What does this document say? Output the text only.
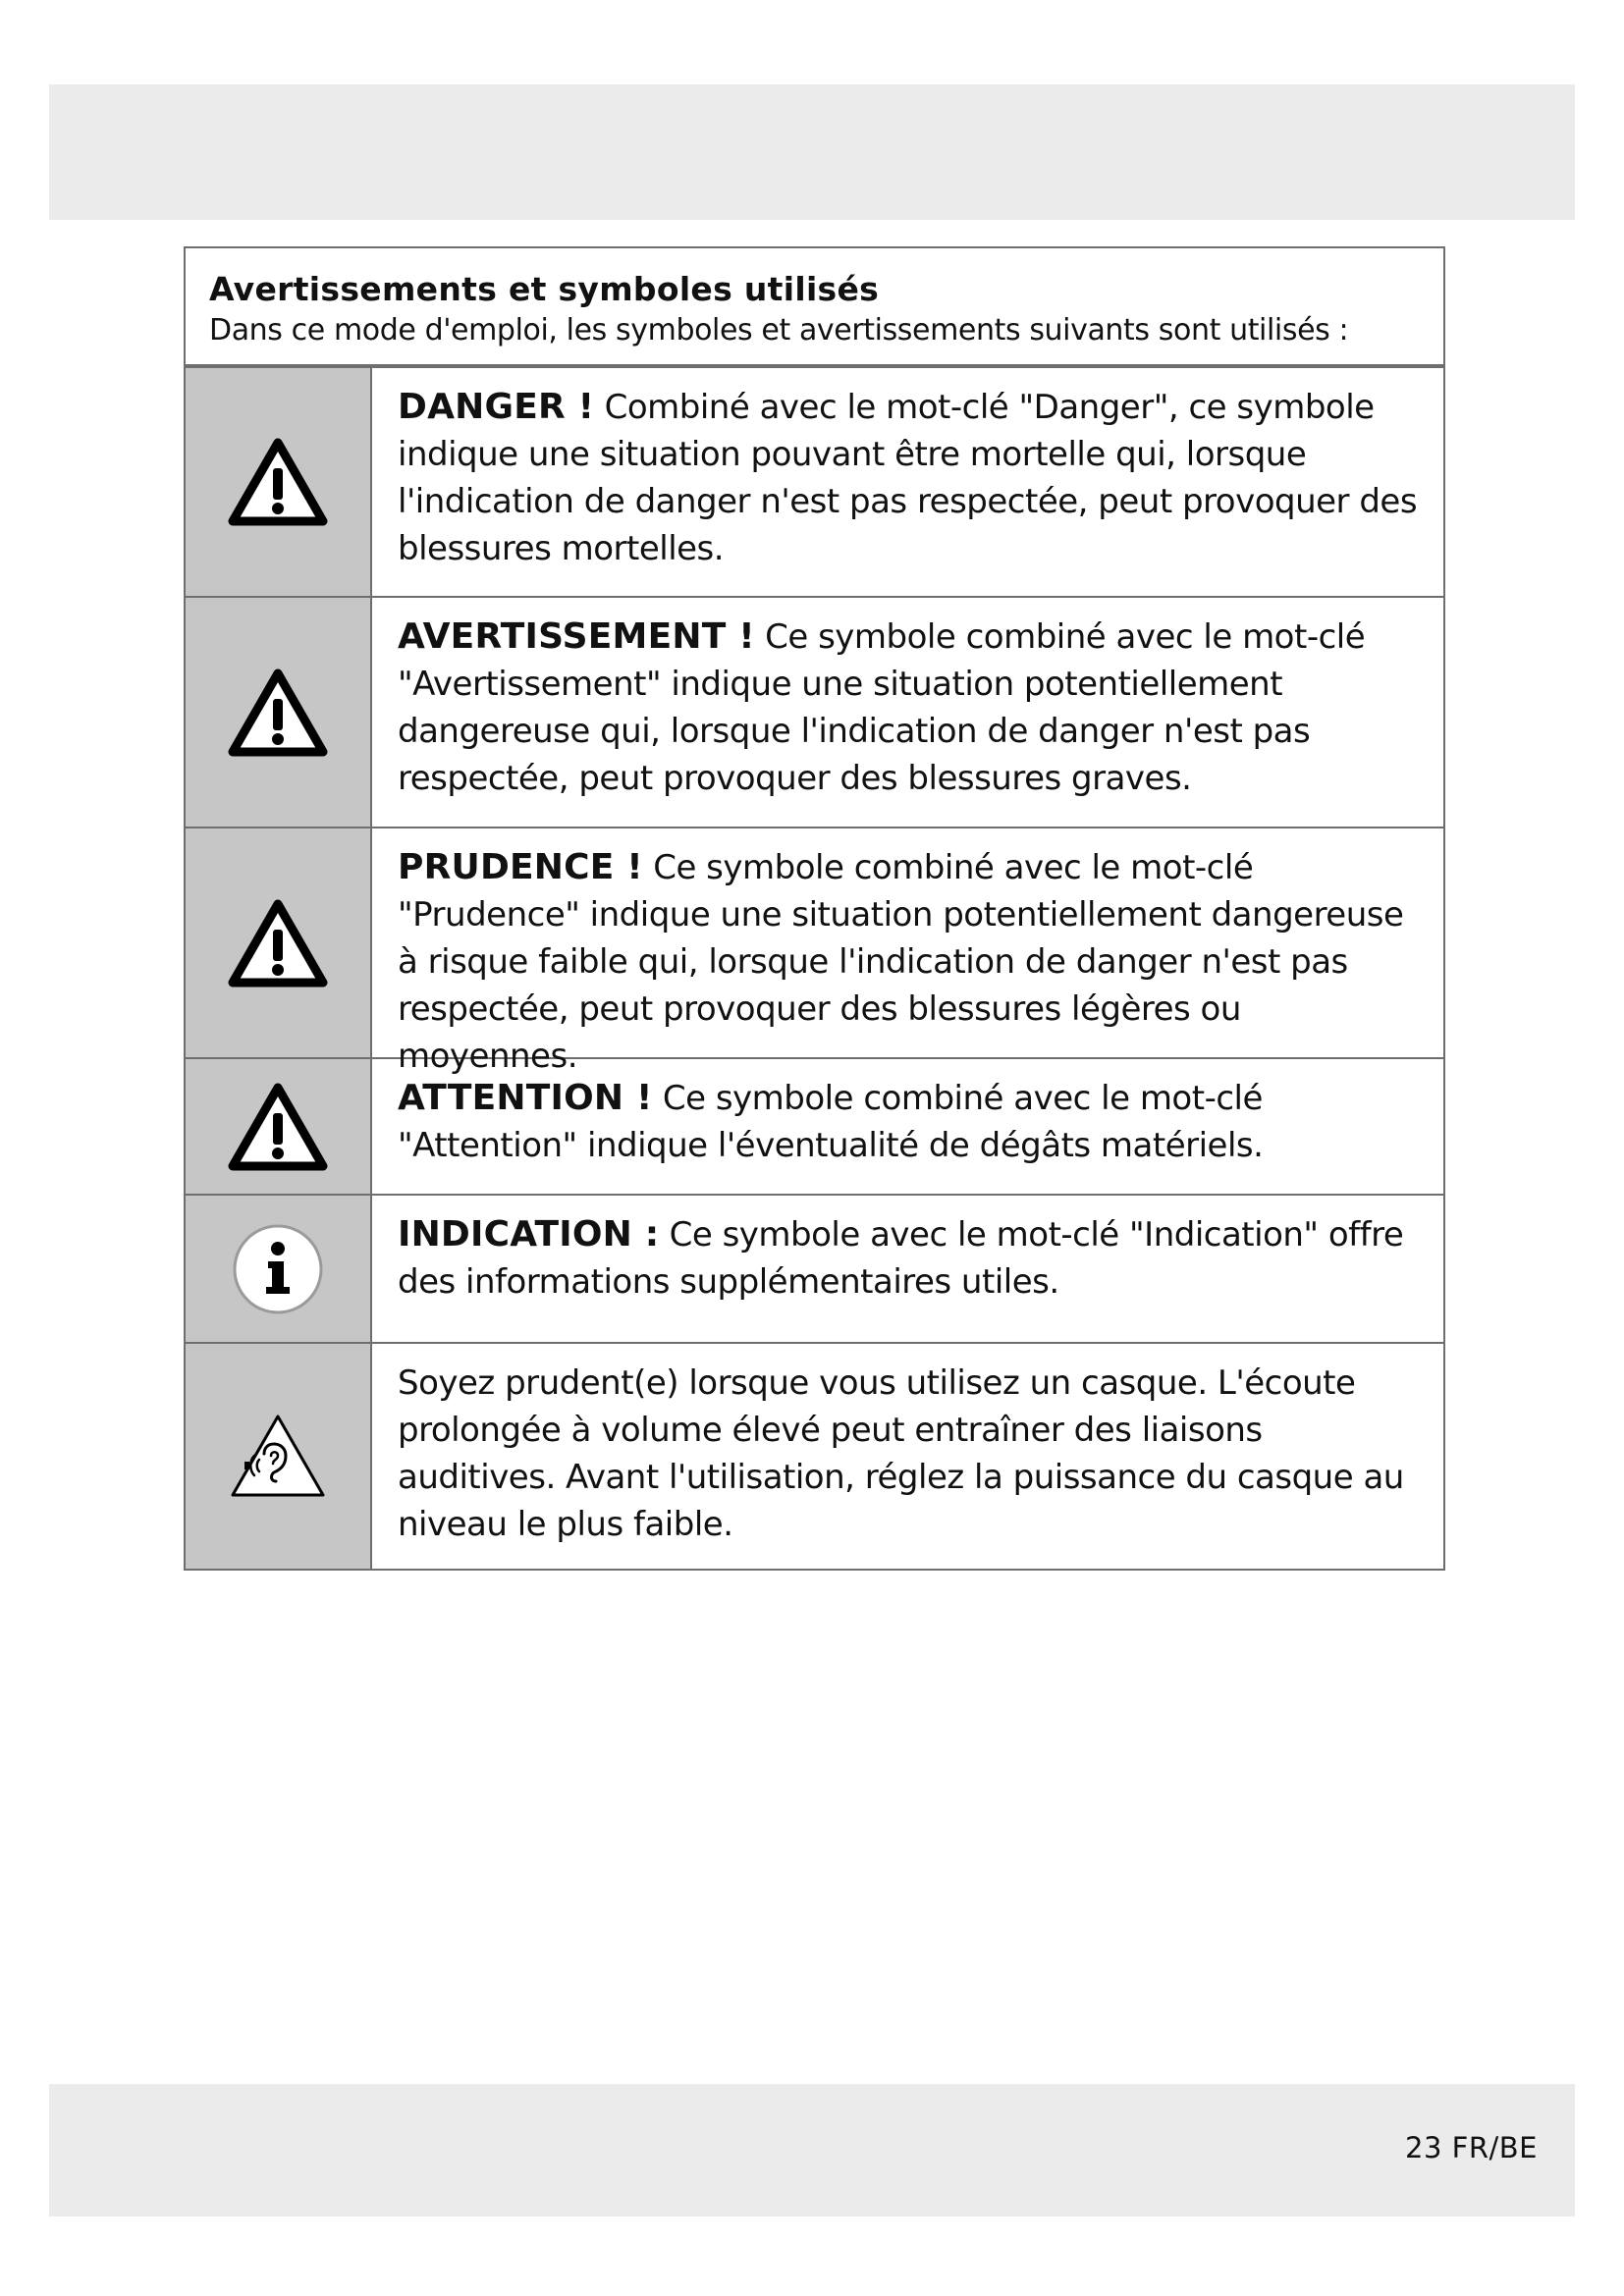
Avertissements et symboles utilisés
Dans ce mode d'emploi, les symboles et avertissements suivants sont utilisés :
DANGER ! Combiné avec le mot-clé "Danger", ce symbole indique une situation pouvant être mortelle qui, lorsque l'indication de danger n'est pas respectée, peut provoquer des blessures mortelles.
AVERTISSEMENT ! Ce symbole combiné avec le mot-clé "Avertissement" indique une situation potentiellement dangereuse qui, lorsque l'indication de danger n'est pas respectée, peut provoquer des blessures graves.
PRUDENCE ! Ce symbole combiné avec le mot-clé "Prudence" indique une situation potentiellement dangereuse à risque faible qui, lorsque l'indication de danger n'est pas respectée, peut provoquer des blessures légères ou moyennes.
ATTENTION ! Ce symbole combiné avec le mot-clé "Attention" indique l'éventualité de dégâts matériels.
INDICATION : Ce symbole avec le mot-clé "Indication" offre des informations supplémentaires utiles.
Soyez prudent(e) lorsque vous utilisez un casque. L'écoute prolongée à volume élevé peut entraîner des liaisons auditives. Avant l'utilisation, réglez la puissance du casque au niveau le plus faible.
23 FR/BE
